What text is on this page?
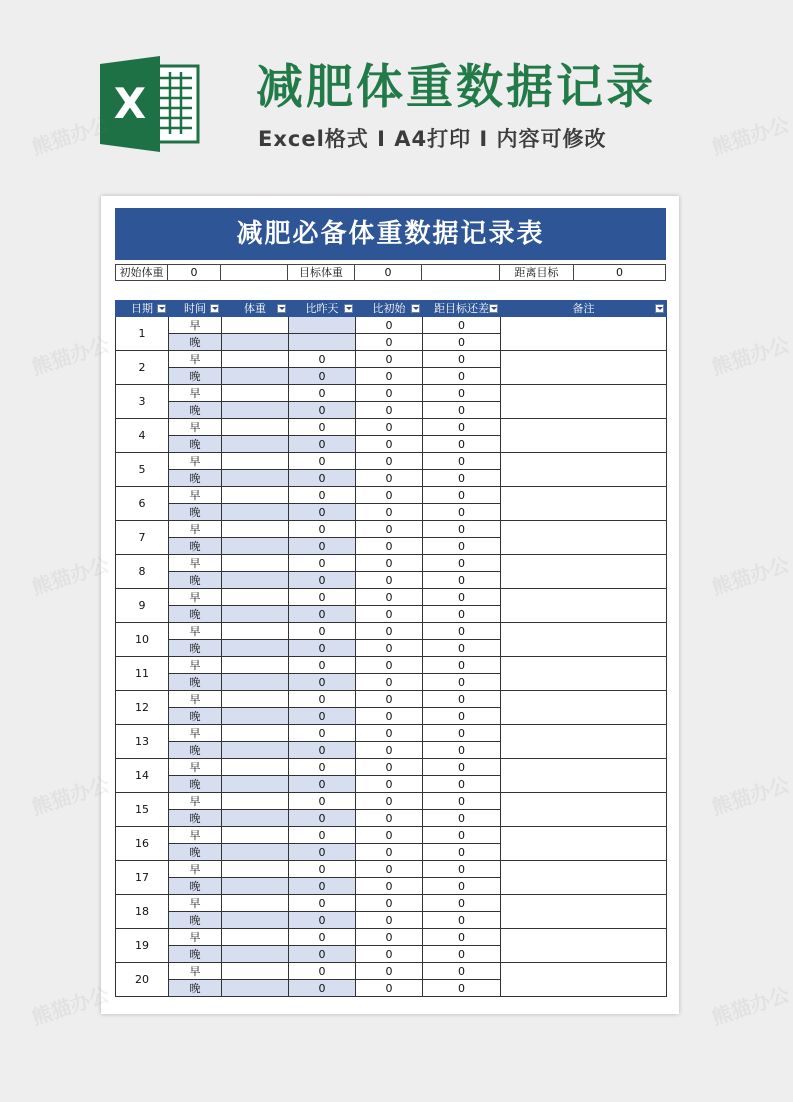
X 减肥体重数据记录
Excel格式 I A4打印 I 内容可修改
减肥必备体重数据记录表
初始体重	0	目标体重	0	距离目标	0
日期	时间	体重	比昨天	比初始	距目标还差	备注

1	早			0	0	
	晚			0	0	
2	早		0	0	0	
	晚		0	0	0	
3	早		0	0	0	
	晚		0	0	0	
4	早		0	0	0	
	晚		0	0	0	
5	早		0	0	0	
	晚		0	0	0	
6	早		0	0	0	
	晚		0	0	0	
7	早		0	0	0	
	晚		0	0	0	
8	早		0	0	0	
	晚		0	0	0	
9	早		0	0	0	
	晚		0	0	0	
10	早		0	0	0	
	晚		0	0	0	
11	早		0	0	0	
	晚		0	0	0	
12	早		0	0	0	
	晚		0	0	0	
13	早		0	0	0	
	晚		0	0	0	
14	早		0	0	0	
	晚		0	0	0	
15	早		0	0	0	
	晚		0	0	0	
16	早		0	0	0	
	晚		0	0	0	
17	早		0	0	0	
	晚		0	0	0	
18	早		0	0	0	
	晚		0	0	0	
19	早		0	0	0	
	晚		0	0	0	
20	早		0	0	0	
	晚		0	0	0	
熊猫办公	熊猫办公
熊猫办公	熊猫办公
熊猫办公	熊猫办公
熊猫办公	熊猫办公
熊猫办公	熊猫办公
